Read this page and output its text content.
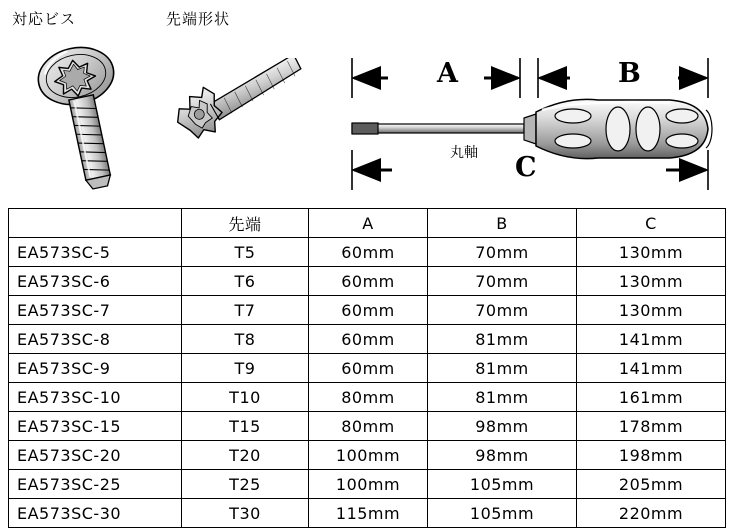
対応ビス	先端形状
A	B
C
丸軸
	先端	A	B	C
EA573SC-5	T5	60mm	70mm	130mm
EA573SC-6	T6	60mm	70mm	130mm
EA573SC-7	T7	60mm	70mm	130mm
EA573SC-8	T8	60mm	81mm	141mm
EA573SC-9	T9	60mm	81mm	141mm
EA573SC-10	T10	80mm	81mm	161mm
EA573SC-15	T15	80mm	98mm	178mm
EA573SC-20	T20	100mm	98mm	198mm
EA573SC-25	T25	100mm	105mm	205mm
EA573SC-30	T30	115mm	105mm	220mm
